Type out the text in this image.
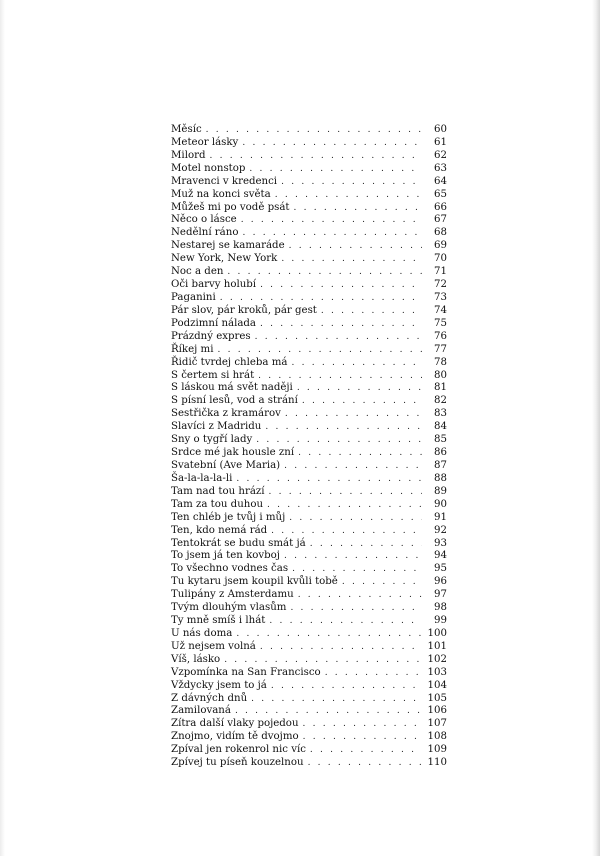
Měsíc . . .	60
Meteor lásky . . .	61
Milord . . .	62
Motel nonstop . . .	63
Mravenci v kredenci . . .	64
Muž na konci světa . . .	65
Můžeš mi po vodě psát . . .	66
Něco o lásce . . .	67
Nedělní ráno . . .	68
Nestarej se kamaráde . . .	69
New York, New York . . .	70
Noc a den . . .	71
Oči barvy holubí . . .	72
Paganini . . .	73
Pár slov, pár kroků, pár gest . . .	74
Podzimní nálada . . .	75
Prázdný expres . . .	76
Říkej mi . . .	77
Řidič tvrdej chleba má . . .	78
S čertem si hrát . . .	80
S láskou má svět naději . . .	81
S písní lesů, vod a strání . . .	82
Sestřička z kramárov . . .	83
Slavíci z Madridu . . .	84
Sny o tygří lady . . .	85
Srdce mé jak housle zní . . .	86
Svatební (Ave Maria) . . .	87
Ša-la-la-la-li . . .	88
Tam nad tou hrází . . .	89
Tam za tou duhou . . .	90
Ten chléb je tvůj i můj . . .	91
Ten, kdo nemá rád . . .	92
Tentokrát se budu smát já . . .	93
To jsem já ten kovboj . . .	94
To všechno vodnes čas . . .	95
Tu kytaru jsem koupil kvůli tobě . . .	96
Tulipány z Amsterdamu . . .	97
Tvým dlouhým vlasům . . .	98
Ty mně smíš i lhát . . .	99
U nás doma . . .	100
Už nejsem volná . . .	101
Víš, lásko . . .	102
Vzpomínka na San Francisco . . .	103
Vždycky jsem to já . . .	104
Z dávných dnů . . .	105
Zamilovaná . . .	106
Zítra další vlaky pojedou . . .	107
Znojmo, vidím tě dvojmo . . .	108
Zpíval jen rokenrol nic víc . . .	109
Zpívej tu píseň kouzelnou . . .	110
